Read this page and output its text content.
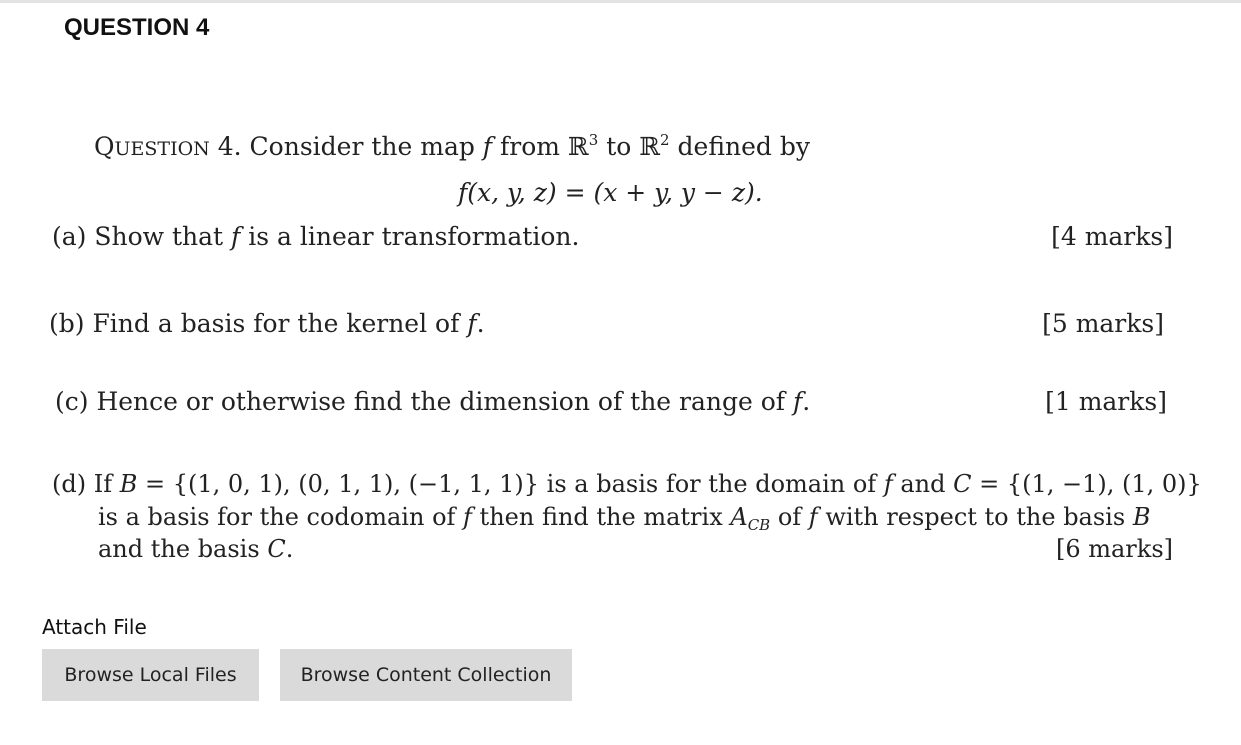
QUESTION 4
QUESTION 4. Consider the map f from ℝ$^3$ to ℝ$^2$ defined by
f(x, y, z) = (x + y, y − z).
(a) Show that f is a linear transformation.	[4 marks]
(b) Find a basis for the kernel of f.	[5 marks]
(c) Hence or otherwise find the dimension of the range of f.	[1 marks]
(d) If B = {(1, 0, 1), (0, 1, 1), (−1, 1, 1)} is a basis for the domain of f and C = {(1, −1), (1, 0)}
is a basis for the codomain of f then find the matrix $A_{CB}$ of f with respect to the basis B
and the basis C.	[6 marks]
Attach File
Browse Local Files	Browse Content Collection
